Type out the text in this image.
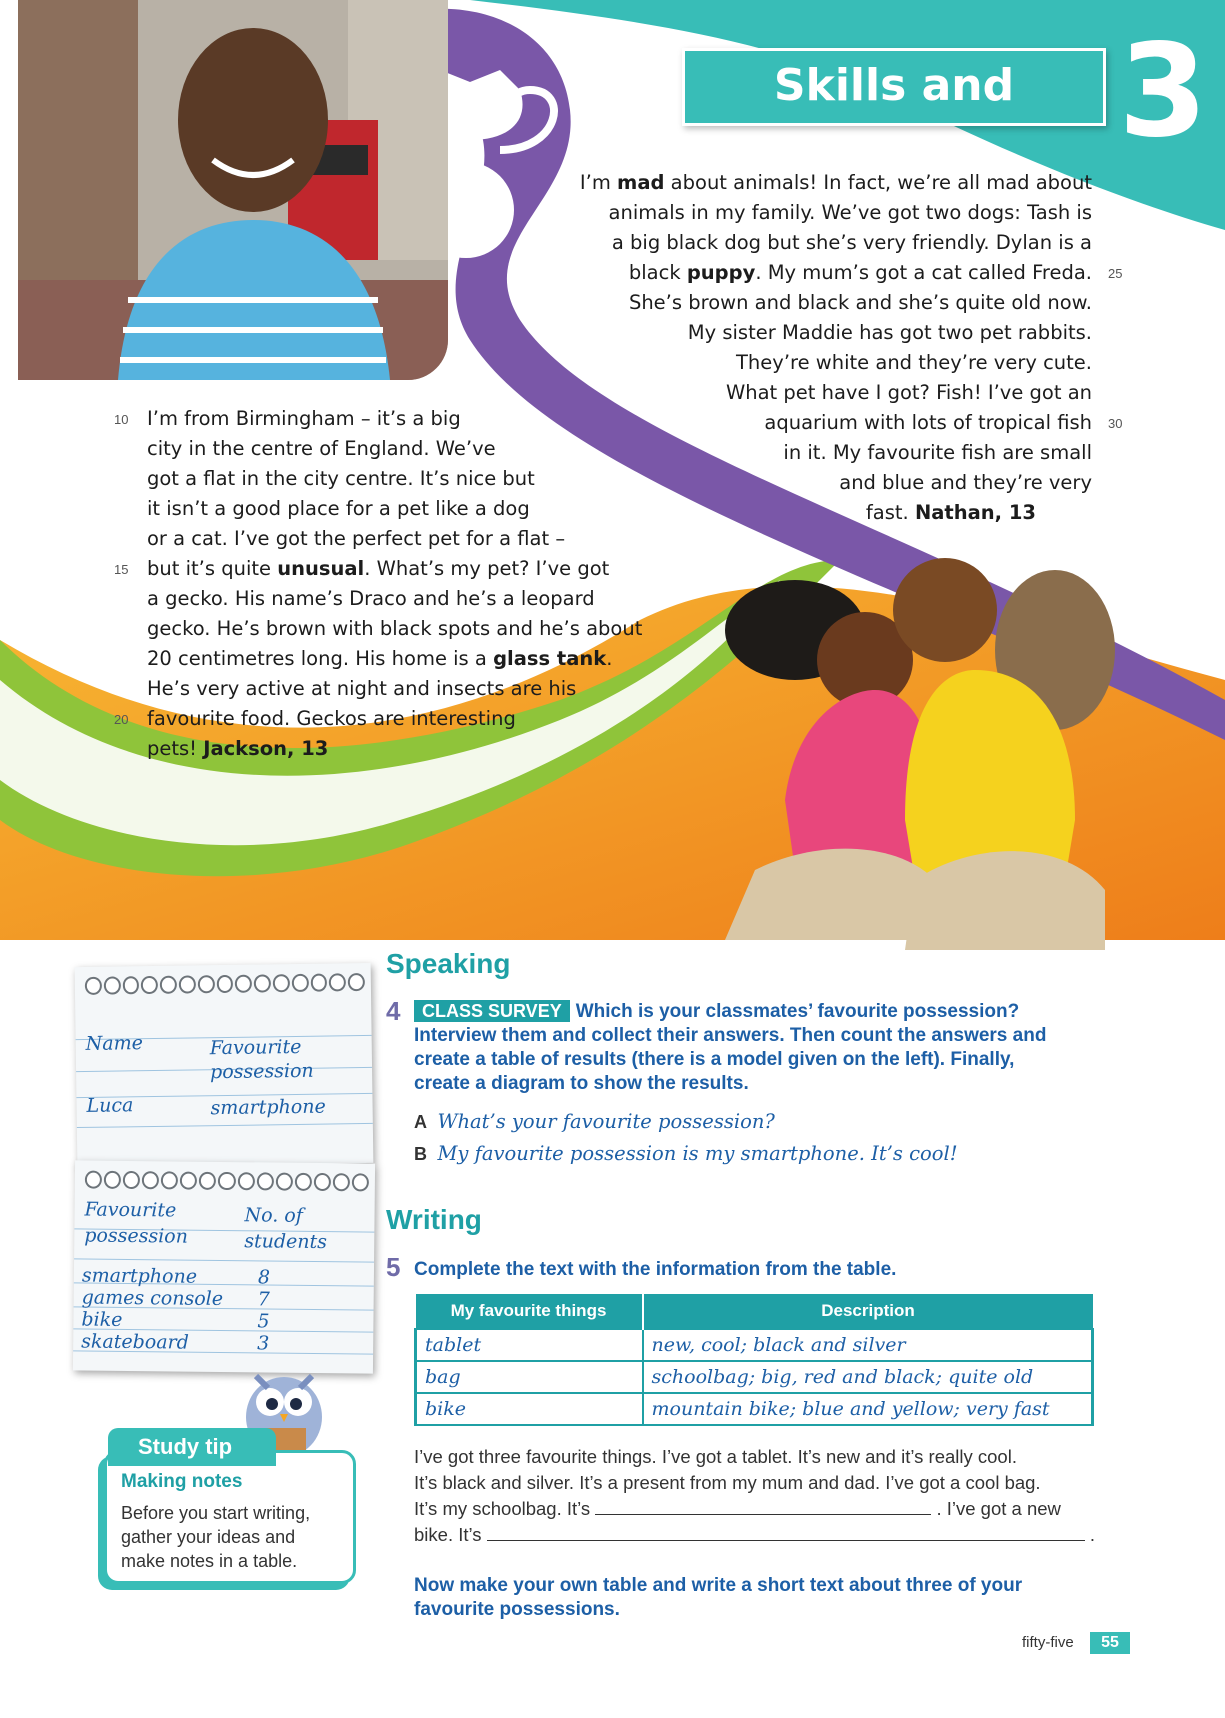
Skills and culture	3
I’m mad about animals! In fact, we’re all mad about
animals in my family. We’ve got two dogs: Tash is
a big black dog but she’s very friendly. Dylan is a
black puppy. My mum’s got a cat called Freda.
She’s brown and black and she’s quite old now.
My sister Maddie has got two pet rabbits.
They’re white and they’re very cute.
What pet have I got? Fish! I’ve got an
aquarium with lots of tropical fish
in it. My favourite fish are small
and blue and they’re very
fast. Nathan, 13
25
30
I’m from Birmingham – it’s a big
city in the centre of England. We’ve
got a flat in the city centre. It’s nice but
it isn’t a good place for a pet like a dog
or a cat. I’ve got the perfect pet for a flat –
but it’s quite unusual. What’s my pet? I’ve got
a gecko. His name’s Draco and he’s a leopard
gecko. He’s brown with black spots and he’s about
20 centimetres long. His home is a glass tank.
He’s very active at night and insects are his
favourite food. Geckos are interesting
pets! Jackson, 13
10
15
20
Name	Favourite
possession
Luca	smartphone
Favourite
possession
No. of
students
smartphone	8
games console 7
bike	5
skateboard	3
Making notes
Before you start writing,
gather your ideas and
make notes in a table.
Study tip
Speaking
4	CLASS SURVEY Which is your classmates’ favourite possession?
Interview them and collect their answers. Then count the answers and
create a table of results (there is a model given on the left). Finally,
create a diagram to show the results.
A What’s your favourite possession?
B My favourite possession is my smartphone. It’s cool!
Writing
5 Complete the text with the information from the table.
My favourite things	Description
tablet	new, cool; black and silver
bag	schoolbag; big, red and black; quite old
bike	mountain bike; blue and yellow; very fast
I’ve got three favourite things. I’ve got a tablet. It’s new and it’s really cool.
It’s black and silver. It’s a present from my mum and dad. I’ve got a cool bag.
It’s my schoolbag. It’s	. I’ve got a new
bike. It’s	.
Now make your own table and write a short text about three of your
favourite possessions.
fifty-five	55
